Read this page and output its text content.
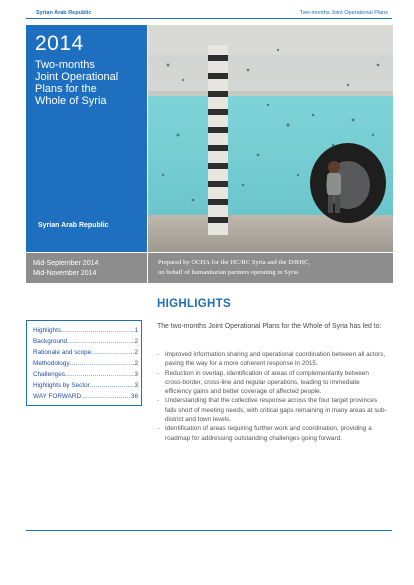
Syrian Arab Republic	Two-months Joint Operational Plans
2014
Two-months
Joint Operational
Plans for the
Whole of Syria
Syrian Arab Republic
Mid-September 2014
Mid-November 2014
Prepared by OCHA for the HC/RC Syria and the D/RHC,
on behalf of humanitarian partners operating in Syria
Highlights .....	1
Background .....	2
Rationale and scope .....	2
Methodology .....	2
Challenges .....	3
Highlights by Sector .....	3
WAY FORWARD .....	36
HIGHLIGHTS
The two-months Joint Operational Plans for the Whole of Syria has led to:
- Improved information sharing and operational coordination between all actors, paving the way for a more coherent response in 2015.
- Reduction in overlap, identification of areas of complementarity between cross-border, cross-line and regular operations, leading to immediate efficiency gains and better coverage of affected people.
- Understanding that the collective response across the four target provinces falls short of meeting needs, with critical gaps remaining in many areas at sub-district and town levels.
- Identification of areas requiring further work and coordination, providing a roadmap for addressing outstanding challenges going forward.
